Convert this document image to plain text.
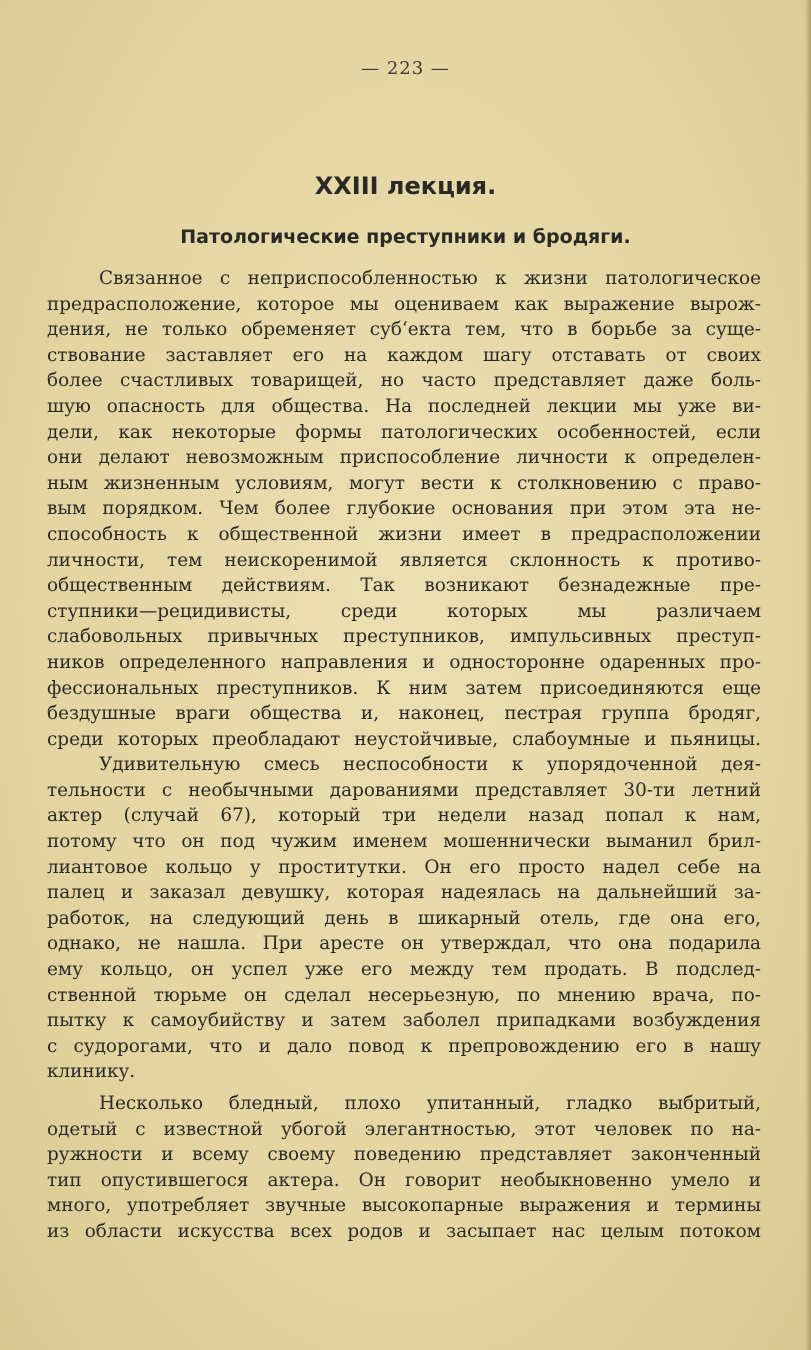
— 223 —
XXIII лекция.
Патологические преступники и бродяги.
Связанное с неприспособленностью к жизни патологическое
предрасположение, которое мы оцениваем как выражение вырож-
дения, не только обременяет суб‘екта тем, что в борьбе за суще-
ствование заставляет его на каждом шагу отставать от своих
более счастливых товарищей, но часто представляет даже боль-
шую опасность для общества. На последней лекции мы уже ви-
дели, как некоторые формы патологических особенностей, если
они делают невозможным приспособление личности к определен-
ным жизненным условиям, могут вести к столкновению с право-
вым порядком. Чем более глубокие основания при этом эта не-
способность к общественной жизни имеет в предрасположении
личности, тем неискоренимой является склонность к противо-
общественным действиям. Так возникают безнадежные пре-
ступники—рецидивисты, среди которых мы различаем
слабовольных привычных преступников, импульсивных преступ-
ников определенного направления и односторонне одаренных про-
фессиональных преступников. К ним затем присоединяются еще
бездушные враги общества и, наконец, пестрая группа бродяг,
среди которых преобладают неустойчивые, слабоумные и пьяницы.
Удивительную смесь неспособности к упорядоченной дея-
тельности с необычными дарованиями представляет 30-ти летний
актер (случай 67), который три недели назад попал к нам,
потому что он под чужим именем мошеннически выманил брил-
лиантовое кольцо у проститутки. Он его просто надел себе на
палец и заказал девушку, которая надеялась на дальнейший за-
работок, на следующий день в шикарный отель, где она его,
однако, не нашла. При аресте он утверждал, что она подарила
ему кольцо, он успел уже его между тем продать. В подслед-
ственной тюрьме он сделал несерьезную, по мнению врача, по-
пытку к самоубийству и затем заболел припадками возбуждения
с судорогами, что и дало повод к препровождению его в нашу
клинику.
Несколько бледный, плохо упитанный, гладко выбритый,
одетый с известной убогой элегантностью, этот человек по на-
ружности и всему своему поведению представляет законченный
тип опустившегося актера. Он говорит необыкновенно умело и
много, употребляет звучные высокопарные выражения и термины
из области искусства всех родов и засыпает нас целым потоком
